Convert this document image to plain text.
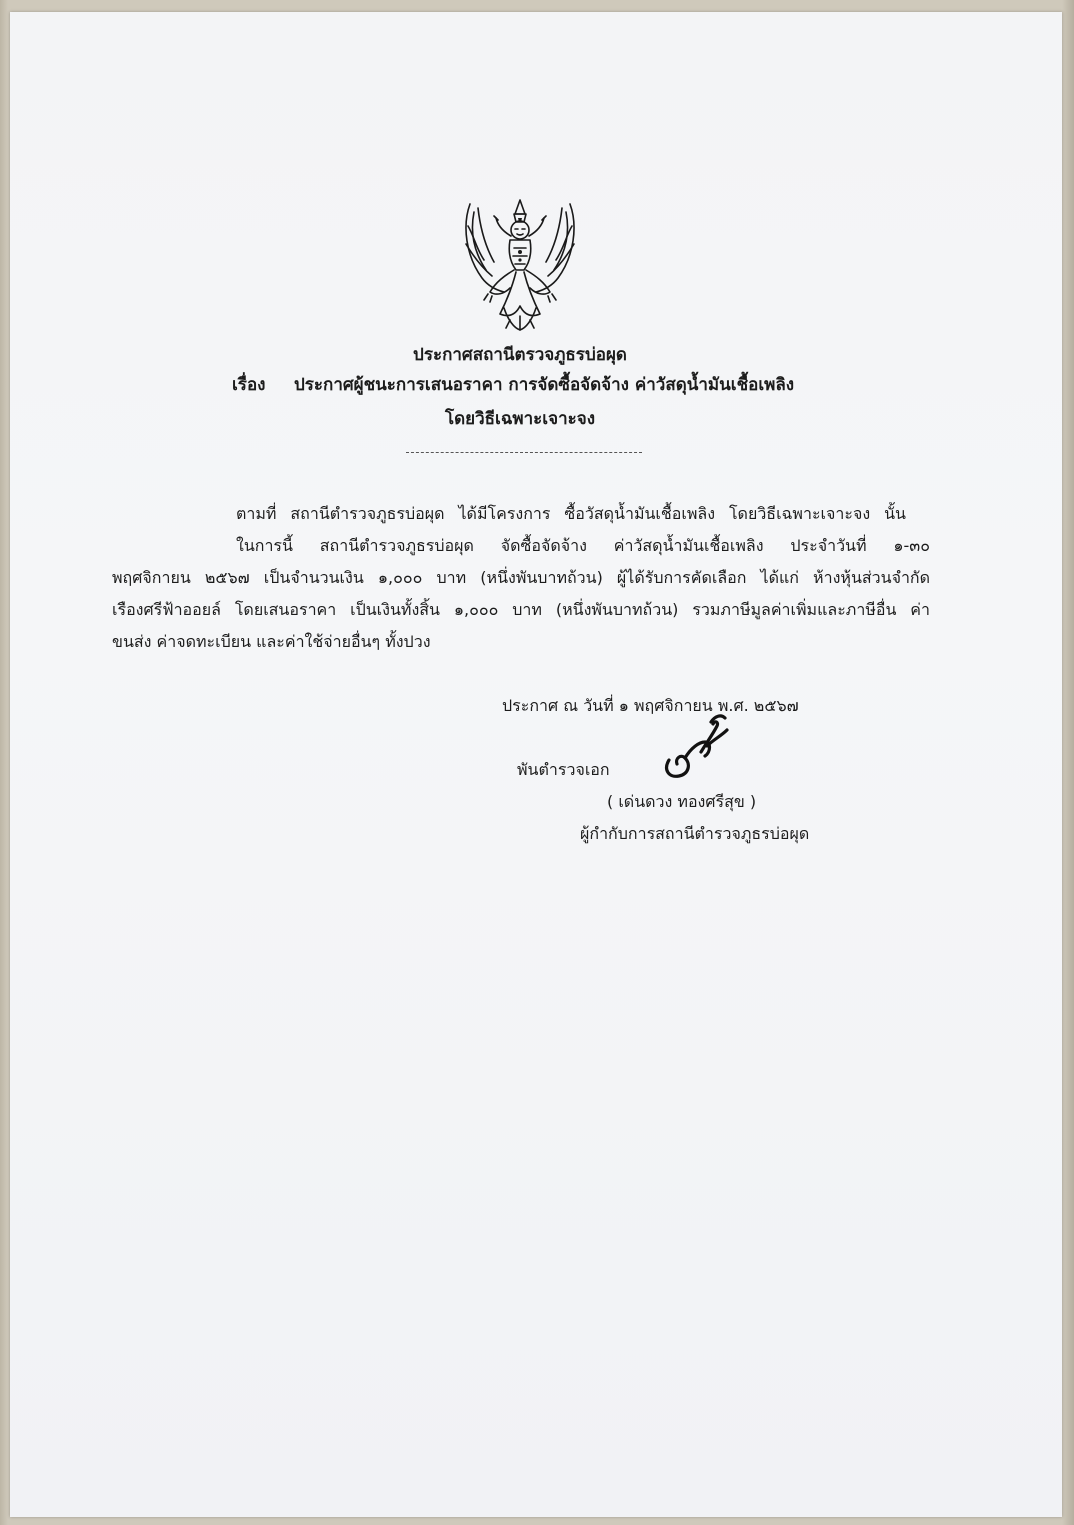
ประกาศสถานีตรวจภูธรบ่อผุด
เรื่อง ประกาศผู้ชนะการเสนอราคา การจัดซื้อจัดจ้าง ค่าวัสดุน้ำมันเชื้อเพลิง
โดยวิธีเฉพาะเจาะจง
ตามที่ สถานีตำรวจภูธรบ่อผุด ได้มีโครงการ ซื้อวัสดุน้ำมันเชื้อเพลิง โดยวิธีเฉพาะเจาะจง นั้น
ในการนี้ สถานีตำรวจภูธรบ่อผุด จัดซื้อจัดจ้าง ค่าวัสดุน้ำมันเชื้อเพลิง ประจำวันที่ ๑-๓๐
พฤศจิกายน ๒๕๖๗ เป็นจำนวนเงิน ๑,๐๐๐ บาท (หนึ่งพันบาทถ้วน) ผู้ได้รับการคัดเลือก ได้แก่ ห้างหุ้นส่วนจำกัด
เรืองศรีฟ้าออยล์ โดยเสนอราคา เป็นเงินทั้งสิ้น ๑,๐๐๐ บาท (หนึ่งพันบาทถ้วน) รวมภาษีมูลค่าเพิ่มและภาษีอื่น ค่า
ขนส่ง ค่าจดทะเบียน และค่าใช้จ่ายอื่นๆ ทั้งปวง
ประกาศ ณ วันที่ ๑ พฤศจิกายน พ.ศ. ๒๕๖๗
พันตำรวจเอก
( เด่นดวง ทองศรีสุข )
ผู้กำกับการสถานีตำรวจภูธรบ่อผุด
